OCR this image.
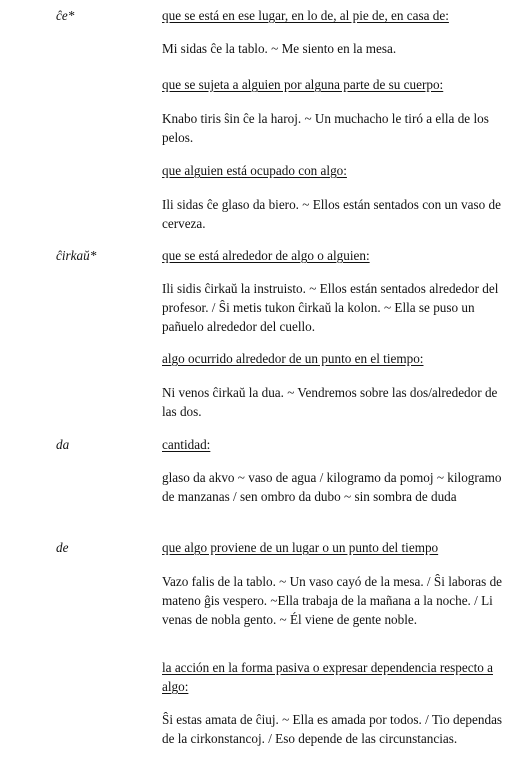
ĉe*	que se está en ese lugar, en lo de, al pie de, en casa de:
Mi sidas ĉe la tablo. ~ Me siento en la mesa.
que se sujeta a alguien por alguna parte de su cuerpo:
Knabo tiris ŝin ĉe la haroj. ~ Un muchacho le tiró a ella de los pelos.
que alguien está ocupado con algo:
Ili sidas ĉe glaso da biero. ~ Ellos están sentados con un vaso de cerveza.
ĉirkaŭ*	que se está alrededor de algo o alguien:
Ili sidis ĉirkaŭ la instruisto. ~ Ellos están sentados alrededor del profesor. / Ŝi metis tukon ĉirkaŭ la kolon. ~ Ella se puso un pañuelo alrededor del cuello.
algo ocurrido alrededor de un punto en el tiempo:
Ni venos ĉirkaŭ la dua. ~ Vendremos sobre las dos/alrededor de las dos.
da	cantidad:
glaso da akvo ~ vaso de agua / kilogramo da pomoj ~ kilogramo de manzanas / sen ombro da dubo ~ sin sombra de duda
de	que algo proviene de un lugar o un punto del tiempo
Vazo falis de la tablo. ~ Un vaso cayó de la mesa. / Ŝi laboras de mateno ĝis vespero. ~Ella trabaja de la mañana a la noche. / Li venas de nobla gento. ~ Él viene de gente noble.
la acción en la forma pasiva o expresar dependencia respecto a algo:
Ŝi estas amata de ĉiuj. ~ Ella es amada por todos. / Tio dependas de la cirkonstancoj. / Eso depende de las circunstancias.
